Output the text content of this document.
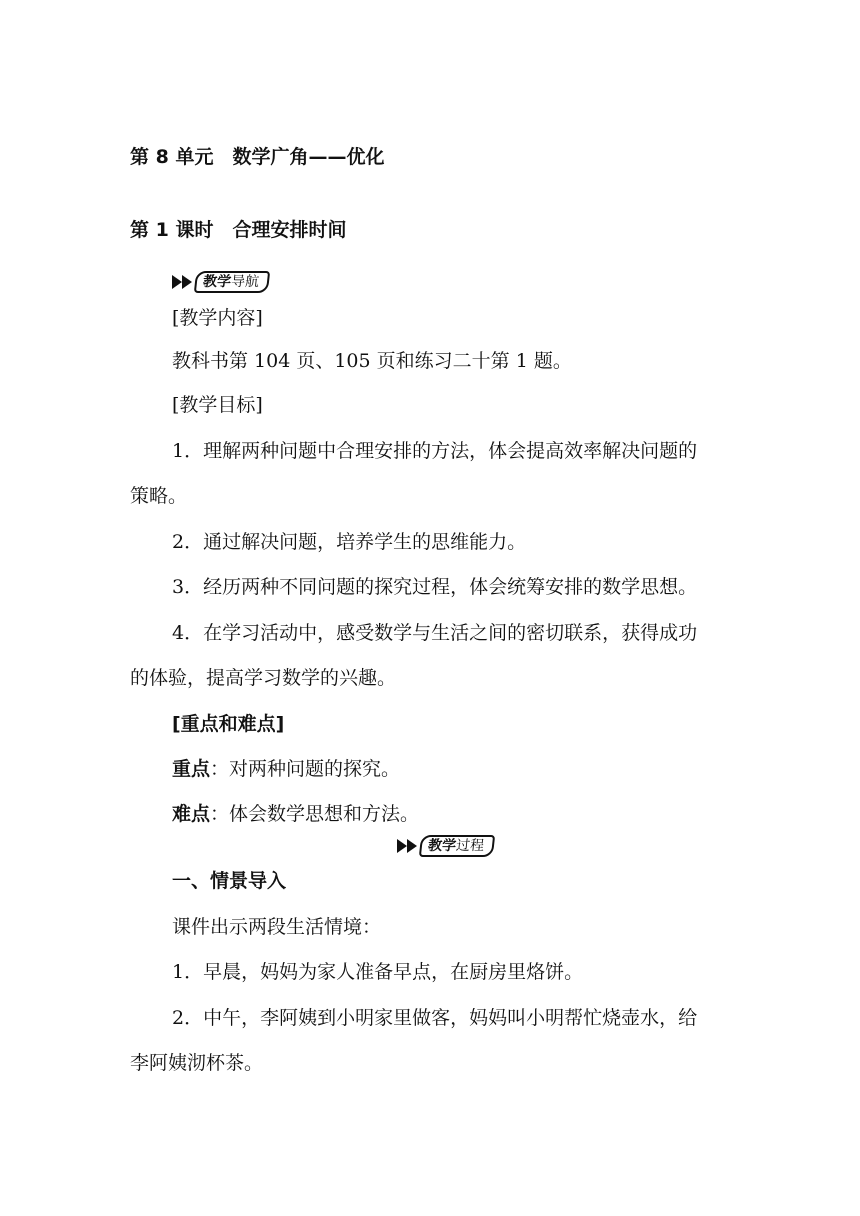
第 8 单元　数学广角——优化
第 1 课时　合理安排时间
教学导航
[教学内容]
教科书第 104 页、105 页和练习二十第 1 题。
[教学目标]
1．理解两种问题中合理安排的方法，体会提高效率解决问题的
策略。
2．通过解决问题，培养学生的思维能力。
3．经历两种不同问题的探究过程，体会统筹安排的数学思想。
4．在学习活动中，感受数学与生活之间的密切联系，获得成功
的体验，提高学习数学的兴趣。
[重点和难点]
重点：对两种问题的探究。
难点：体会数学思想和方法。
教学过程
一、情景导入
课件出示两段生活情境：
1．早晨，妈妈为家人准备早点，在厨房里烙饼。
2．中午，李阿姨到小明家里做客，妈妈叫小明帮忙烧壶水，给
李阿姨沏杯茶。
